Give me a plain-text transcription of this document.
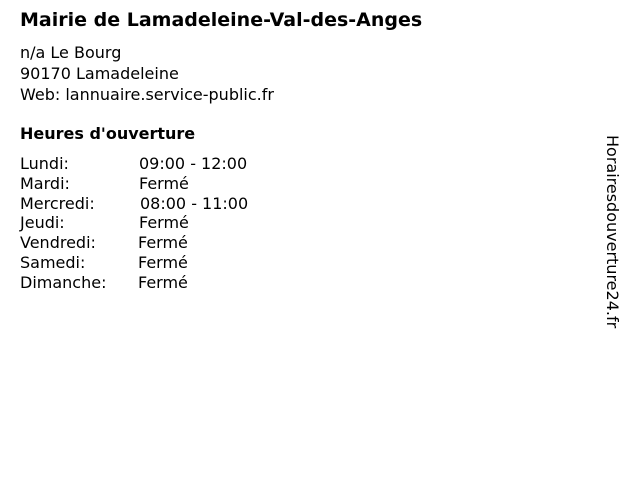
Mairie de Lamadeleine-Val-des-Anges
n/a Le Bourg
90170 Lamadeleine
Web: lannuaire.service-public.fr
Heures d'ouverture
Lundi:	09:00 - 12:00
Mardi:	Fermé
Mercredi:	08:00 - 11:00
Jeudi:	Fermé
Vendredi:	Fermé
Samedi:	Fermé
Dimanche: Fermé	Horairesdouverture24.fr
